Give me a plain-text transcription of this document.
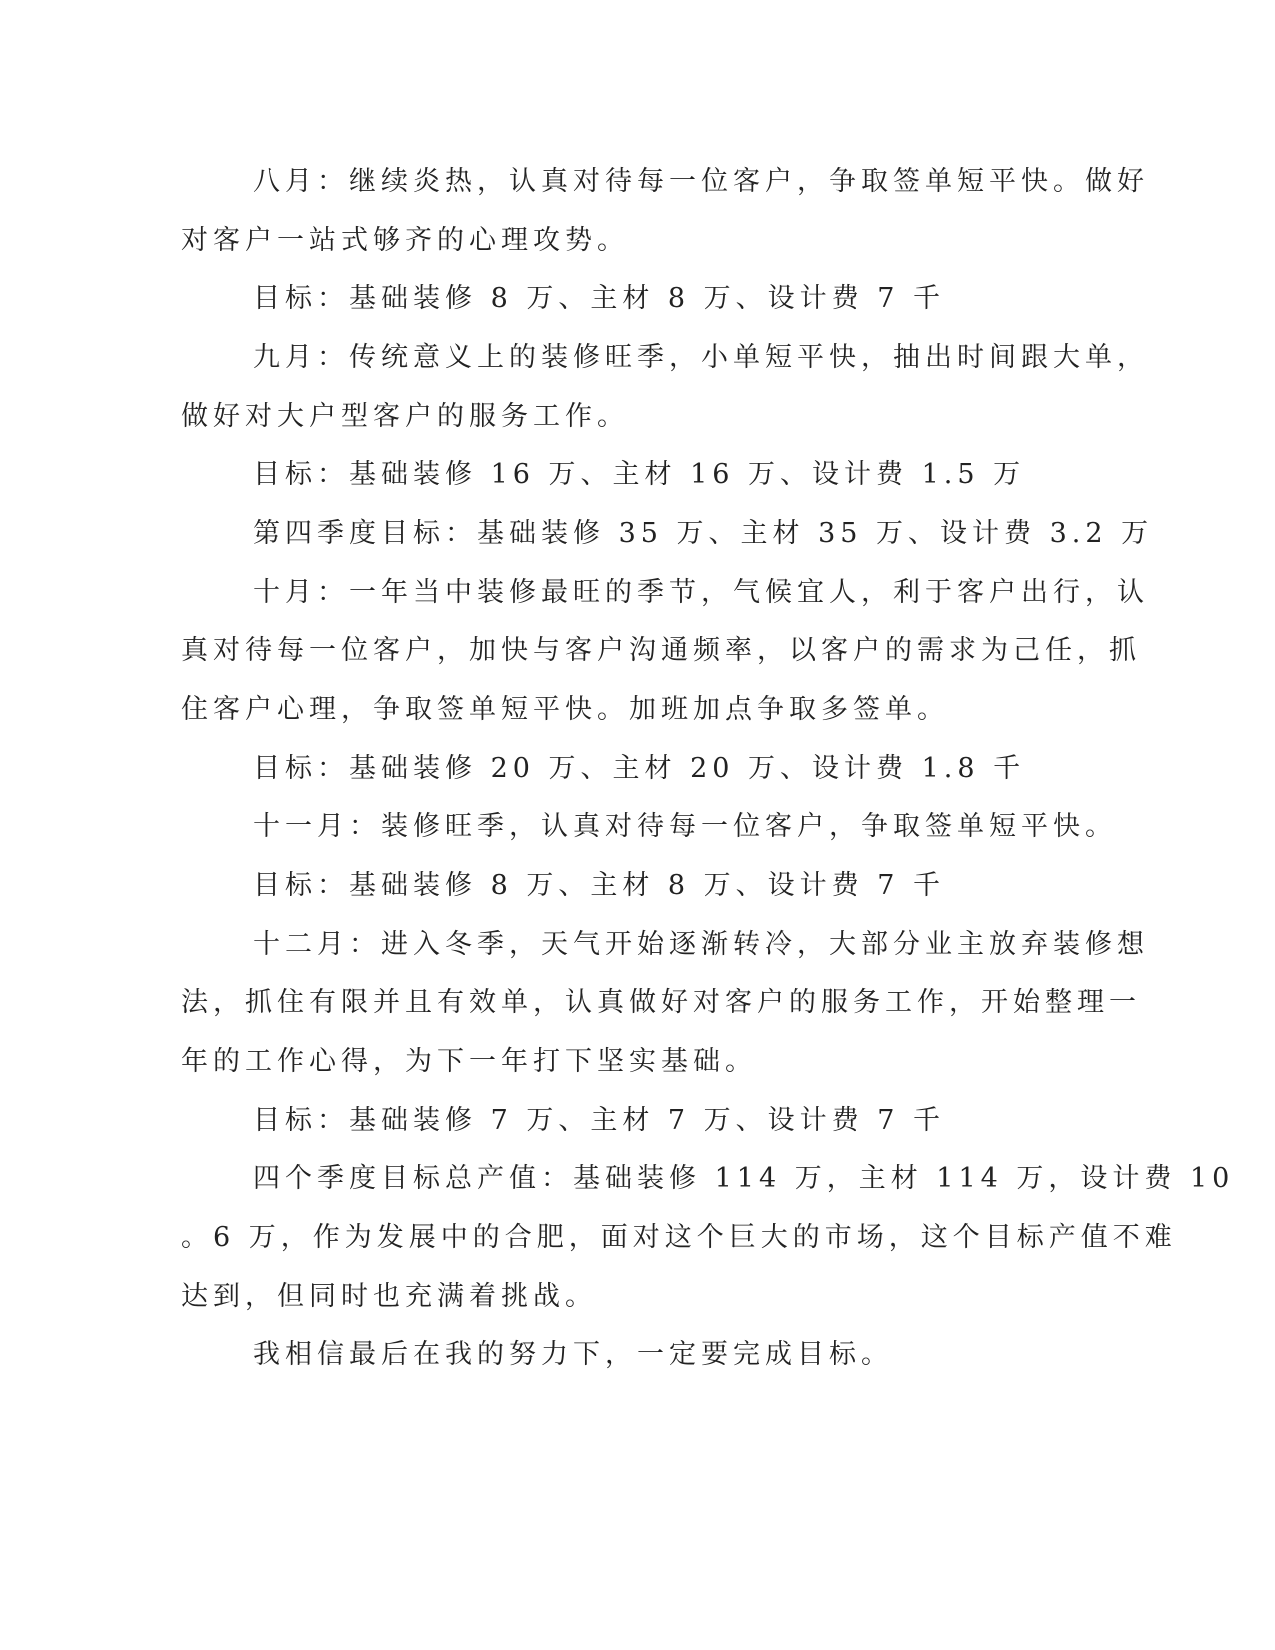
八月：继续炎热，认真对待每一位客户，争取签单短平快。做好
对客户一站式够齐的心理攻势。
目标：基础装修 8 万、主材 8 万、设计费 7 千
九月：传统意义上的装修旺季，小单短平快，抽出时间跟大单，
做好对大户型客户的服务工作。
目标：基础装修 16 万、主材 16 万、设计费 1.5 万
第四季度目标：基础装修 35 万、主材 35 万、设计费 3.2 万
十月：一年当中装修最旺的季节，气候宜人，利于客户出行，认
真对待每一位客户，加快与客户沟通频率，以客户的需求为己任，抓
住客户心理，争取签单短平快。加班加点争取多签单。
目标：基础装修 20 万、主材 20 万、设计费 1.8 千
十一月：装修旺季，认真对待每一位客户，争取签单短平快。
目标：基础装修 8 万、主材 8 万、设计费 7 千
十二月：进入冬季，天气开始逐渐转冷，大部分业主放弃装修想
法，抓住有限并且有效单，认真做好对客户的服务工作，开始整理一
年的工作心得，为下一年打下坚实基础。
目标：基础装修 7 万、主材 7 万、设计费 7 千
四个季度目标总产值：基础装修 114 万，主材 114 万，设计费 10
。6 万，作为发展中的合肥，面对这个巨大的市场，这个目标产值不难
达到，但同时也充满着挑战。
我相信最后在我的努力下，一定要完成目标。
